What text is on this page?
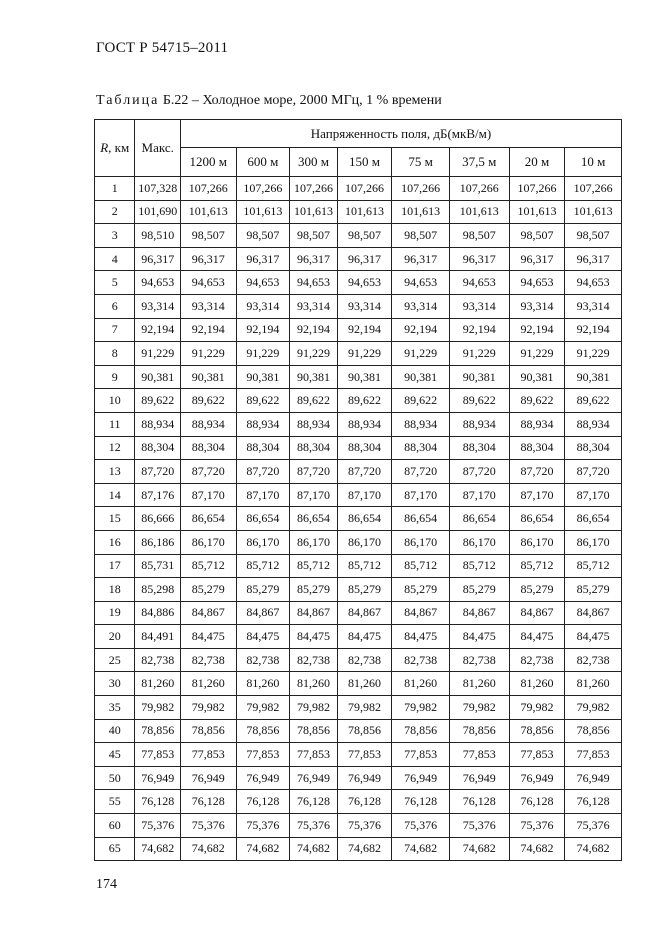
ГОСТ Р 54715–2011
Таблица Б.22 – Холодное море, 2000 МГц, 1 % времени
R, км	Макс.	Напряженность поля, дБ(мкВ/м)							
		1200 м	600 м	300 м	150 м	75 м	37,5 м	20 м	10 м
1	107,328	107,266	107,266	107,266	107,266	107,266	107,266	107,266	107,266
2	101,690	101,613	101,613	101,613	101,613	101,613	101,613	101,613	101,613
3	98,510	98,507	98,507	98,507	98,507	98,507	98,507	98,507	98,507
4	96,317	96,317	96,317	96,317	96,317	96,317	96,317	96,317	96,317
5	94,653	94,653	94,653	94,653	94,653	94,653	94,653	94,653	94,653
6	93,314	93,314	93,314	93,314	93,314	93,314	93,314	93,314	93,314
7	92,194	92,194	92,194	92,194	92,194	92,194	92,194	92,194	92,194
8	91,229	91,229	91,229	91,229	91,229	91,229	91,229	91,229	91,229
9	90,381	90,381	90,381	90,381	90,381	90,381	90,381	90,381	90,381
10	89,622	89,622	89,622	89,622	89,622	89,622	89,622	89,622	89,622
11	88,934	88,934	88,934	88,934	88,934	88,934	88,934	88,934	88,934
12	88,304	88,304	88,304	88,304	88,304	88,304	88,304	88,304	88,304
13	87,720	87,720	87,720	87,720	87,720	87,720	87,720	87,720	87,720
14	87,176	87,170	87,170	87,170	87,170	87,170	87,170	87,170	87,170
15	86,666	86,654	86,654	86,654	86,654	86,654	86,654	86,654	86,654
16	86,186	86,170	86,170	86,170	86,170	86,170	86,170	86,170	86,170
17	85,731	85,712	85,712	85,712	85,712	85,712	85,712	85,712	85,712
18	85,298	85,279	85,279	85,279	85,279	85,279	85,279	85,279	85,279
19	84,886	84,867	84,867	84,867	84,867	84,867	84,867	84,867	84,867
20	84,491	84,475	84,475	84,475	84,475	84,475	84,475	84,475	84,475
25	82,738	82,738	82,738	82,738	82,738	82,738	82,738	82,738	82,738
30	81,260	81,260	81,260	81,260	81,260	81,260	81,260	81,260	81,260
35	79,982	79,982	79,982	79,982	79,982	79,982	79,982	79,982	79,982
40	78,856	78,856	78,856	78,856	78,856	78,856	78,856	78,856	78,856
45	77,853	77,853	77,853	77,853	77,853	77,853	77,853	77,853	77,853
50	76,949	76,949	76,949	76,949	76,949	76,949	76,949	76,949	76,949
55	76,128	76,128	76,128	76,128	76,128	76,128	76,128	76,128	76,128
60	75,376	75,376	75,376	75,376	75,376	75,376	75,376	75,376	75,376
65	74,682	74,682	74,682	74,682	74,682	74,682	74,682	74,682	74,682
174
